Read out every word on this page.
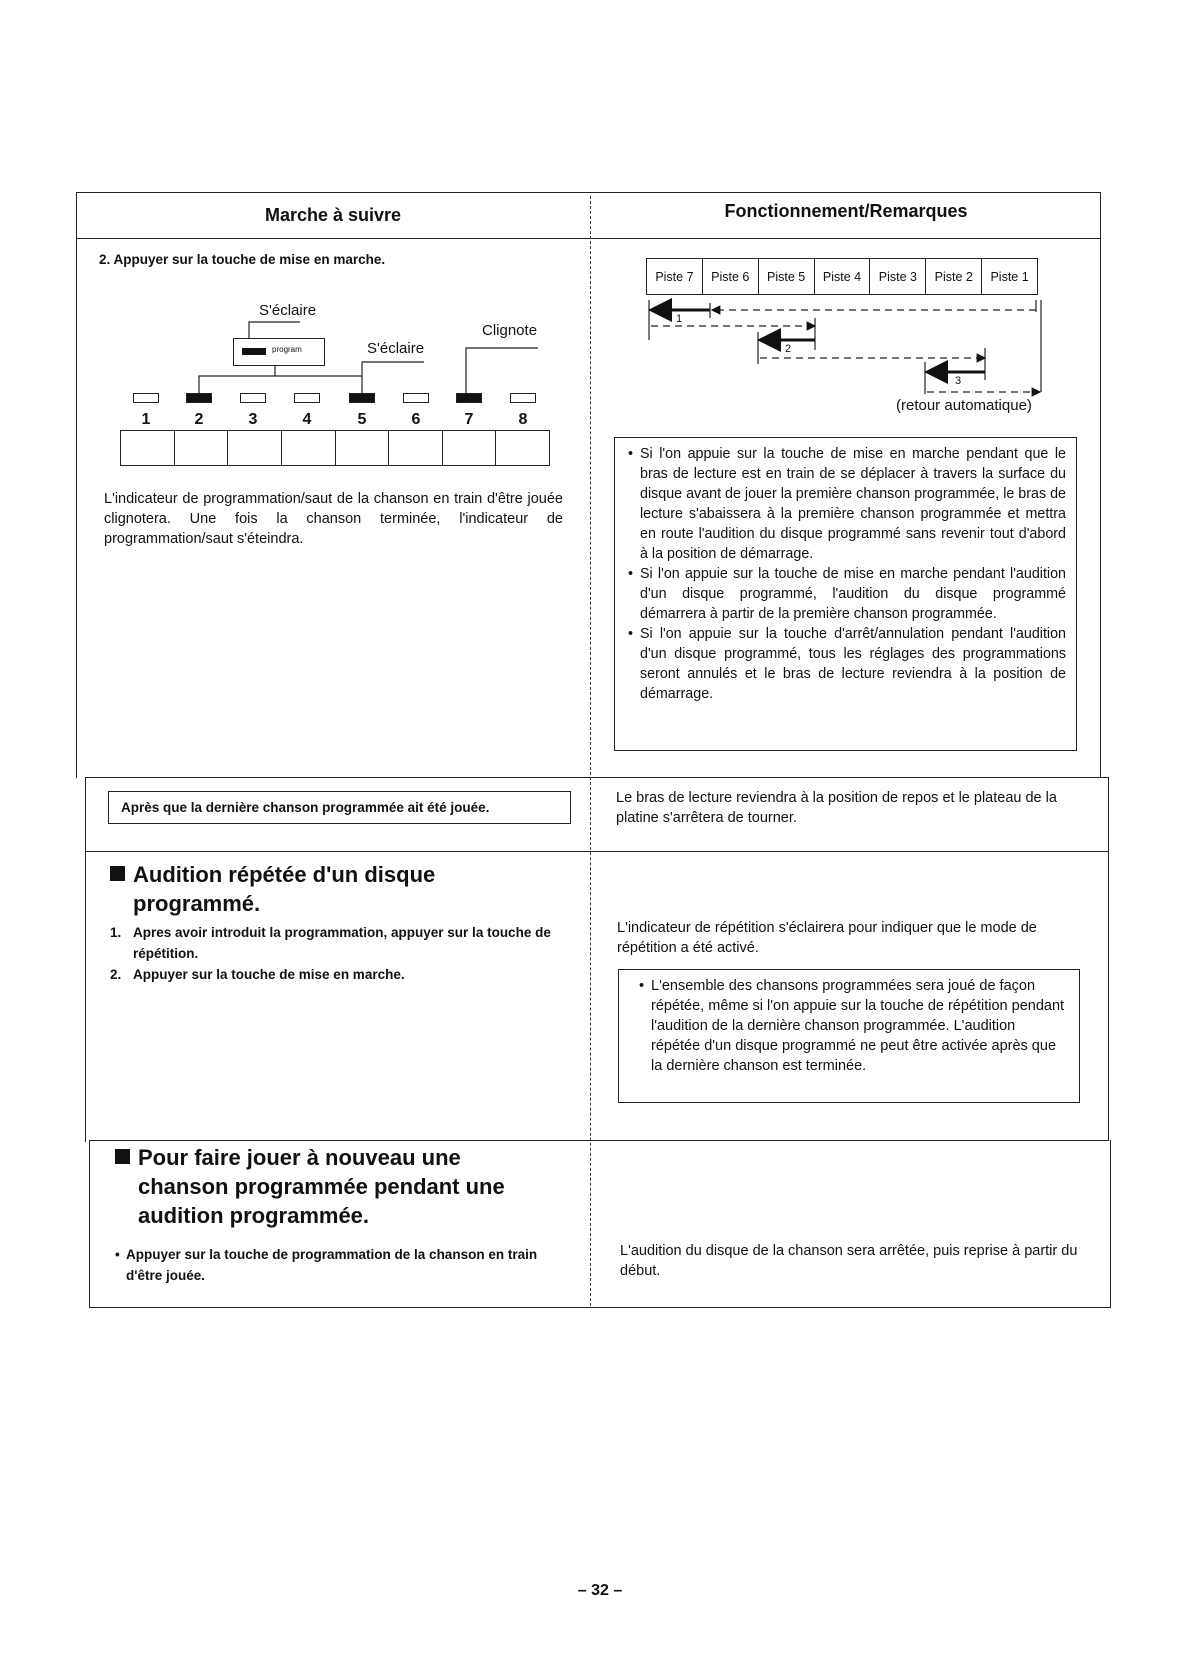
Marche à suivre	Fonctionnement/Remarques
2. Appuyer sur la touche de mise en marche.
S'éclaire
Clignote
S'éclaire
program
1	2	3	4	5	6	7	8
L'indicateur de programmation/saut de la chanson en train d'être jouée clignotera. Une fois la chanson terminée, l'indicateur de programmation/saut s'éteindra.
Piste 7	Piste 6	Piste 5	Piste 4	Piste 3	Piste 2	Piste 1
1
2
3
(retour automatique)
• Si l'on appuie sur la touche de mise en marche pendant que le bras de lecture est en train de se déplacer à travers la surface du disque avant de jouer la première chanson programmée, le bras de lecture s'abaissera à la première chanson programmée et mettra en route l'audition du disque programmé sans revenir tout d'abord à la position de démarrage.
• Si l'on appuie sur la touche de mise en marche pendant l'audition d'un disque programmé, l'audition du disque programmé démarrera à partir de la première chanson programmée.
• Si l'on appuie sur la touche d'arrêt/annulation pendant l'audition d'un disque programmé, tous les réglages des programmations seront annulés et le bras de lecture reviendra à la position de démarrage.
Après que la dernière chanson programmée ait été jouée.
Le bras de lecture reviendra à la position de repos et le plateau de la platine s'arrêtera de tourner.
Audition répétée d'un disque
programmé.
1. Apres avoir introduit la programmation, appuyer sur la touche de répétition.
2. Appuyer sur la touche de mise en marche.
L'indicateur de répétition s'éclairera pour indiquer que le mode de répétition a été activé.
• L'ensemble des chansons programmées sera joué de façon répétée, même si l'on appuie sur la touche de répétition pendant l'audition de la dernière chanson programmée. L'audition répétée d'un disque programmé ne peut être activée après que la dernière chanson est terminée.
Pour faire jouer à nouveau une
chanson programmée pendant une
audition programmée.
• Appuyer sur la touche de programmation de la chanson en train d'être jouée.
L'audition du disque de la chanson sera arrêtée, puis reprise à partir du début.
– 32 –
